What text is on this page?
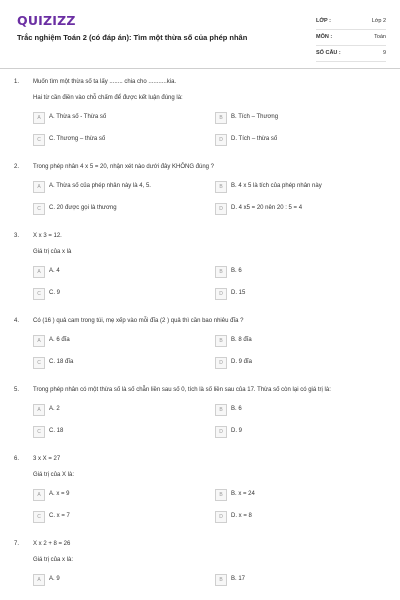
QUIZIZZ
Trắc nghiệm Toán 2 (có đáp án): Tìm một thừa số của phép nhân
LỚP :	Lớp 2
MÔN :	Toán
SỐ CÂU :	9
1. Muốn tìm một thừa số ta lấy ........ chia cho ...........kia.
Hai từ cần điền vào chỗ chấm để được kết luận đúng là:
A	A. Thừa số - Thừa số	B	B. Tích – Thương
C	C. Thương – thừa số	D	D. Tích – thừa số
2. Trong phép nhân 4 x 5 = 20, nhận xét nào dưới đây KHÔNG đúng ?
A	A. Thừa số của phép nhân này là 4, 5.	B	B. 4 x 5 là tích của phép nhân này
C	C. 20 được gọi là thương	D	D. 4 x5 = 20 nên 20 : 5 = 4
3. X x 3 = 12.
Giá trị của x là
A	A. 4	B	B. 6
C	C. 9	D	D. 15
4. Có (16 ) quả cam trong túi, mẹ xếp vào mỗi đĩa (2 ) quả thì cần bao nhiêu đĩa ?
A	A. 6 đĩa	B	B. 8 đĩa
C	C. 18 đĩa	D	D. 9 đĩa
5. Trong phép nhân có một thừa số là số chẵn liền sau số 0, tích là số liền sau của 17. Thừa số còn lại có giá trị là:
A	A. 2	B	B. 6
C	C. 18	D	D. 9
6. 3 x X = 27
Giá trị của X là:
A	A. x = 9	B	B. x = 24
C	C. x = 7	D	D. x = 8
7. X x 2 + 8 = 26
Giá trị của x là:
A	A. 9	B	B. 17
